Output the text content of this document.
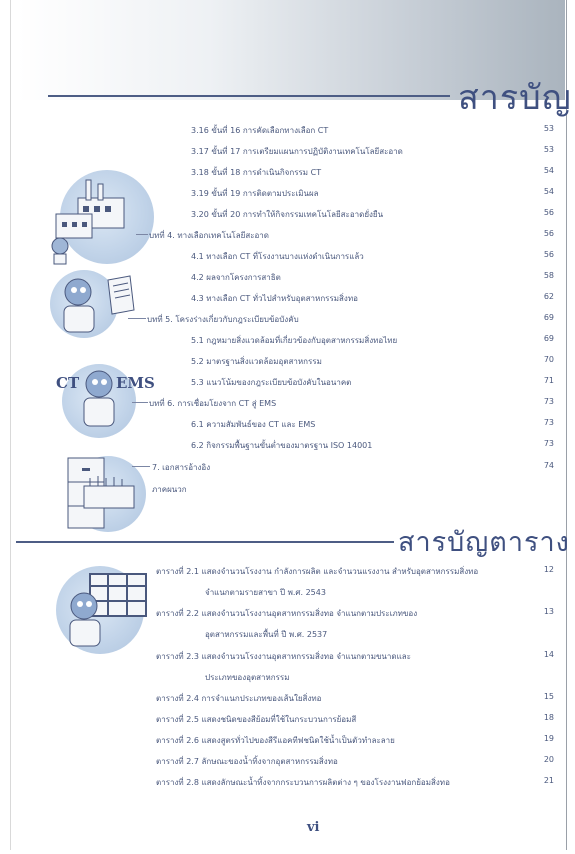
สารบัญ
CT EMS
3.16 ขั้นที่ 16 การคัดเลือกทางเลือก CT	53
3.17 ขั้นที่ 17 การเตรียมแผนการปฏิบัติงานเทคโนโลยีสะอาด	53
3.18 ขั้นที่ 18 การดำเนินกิจกรรม CT	54
3.19 ขั้นที่ 19 การติดตามประเมินผล	54
3.20 ขั้นที่ 20 การทำให้กิจกรรมเทคโนโลยีสะอาดยั่งยืน	56
บทที่ 4. ทางเลือกเทคโนโลยีสะอาด	56
4.1 ทางเลือก CT ที่โรงงานบางแห่งดำเนินการแล้ว	56
4.2 ผลจากโครงการสาธิต	58
4.3 ทางเลือก CT ทั่วไปสำหรับอุตสาหกรรมสิ่งทอ	62
บทที่ 5. โครงร่างเกี่ยวกับกฎระเบียบข้อบังคับ	69
5.1 กฎหมายสิ่งแวดล้อมที่เกี่ยวข้องกับอุตสาหกรรมสิ่งทอไทย	69
5.2 มาตรฐานสิ่งแวดล้อมอุตสาหกรรม	70
5.3 แนวโน้มของกฎระเบียบข้อบังคับในอนาคต	71
บทที่ 6. การเชื่อมโยงจาก CT สู่ EMS	73
6.1 ความสัมพันธ์ของ CT และ EMS	73
6.2 กิจกรรมพื้นฐานขั้นต่ำของมาตรฐาน ISO 14001	73
7. เอกสารอ้างอิง	74
ภาคผนวก
สารบัญตาราง
ตารางที่ 2.1 แสดงจำนวนโรงงาน กำลังการผลิต และจำนวนแรงงาน สำหรับอุตสาหกรรมสิ่งทอ	12
จำแนกตามรายสาขา ปี พ.ศ. 2543
ตารางที่ 2.2 แสดงจำนวนโรงงานอุตสาหกรรมสิ่งทอ จำแนกตามประเภทของ	13
อุตสาหกรรมและพื้นที่ ปี พ.ศ. 2537
ตารางที่ 2.3 แสดงจำนวนโรงงานอุตสาหกรรมสิ่งทอ จำแนกตามขนาดและ	14
ประเภทของอุตสาหกรรม
ตารางที่ 2.4 การจำแนกประเภทของเส้นใยสิ่งทอ	15
ตารางที่ 2.5 แสดงชนิดของสีย้อมที่ใช้ในกระบวนการย้อมสี	18
ตารางที่ 2.6 แสดงสูตรทั่วไปของสีรีแอคทีฟชนิดใช้น้ำเป็นตัวทำละลาย	19
ตารางที่ 2.7 ลักษณะของน้ำทิ้งจากอุตสาหกรรมสิ่งทอ	20
ตารางที่ 2.8 แสดงลักษณะน้ำทิ้งจากกระบวนการผลิตต่าง ๆ ของโรงงานฟอกย้อมสิ่งทอ	21
vi
